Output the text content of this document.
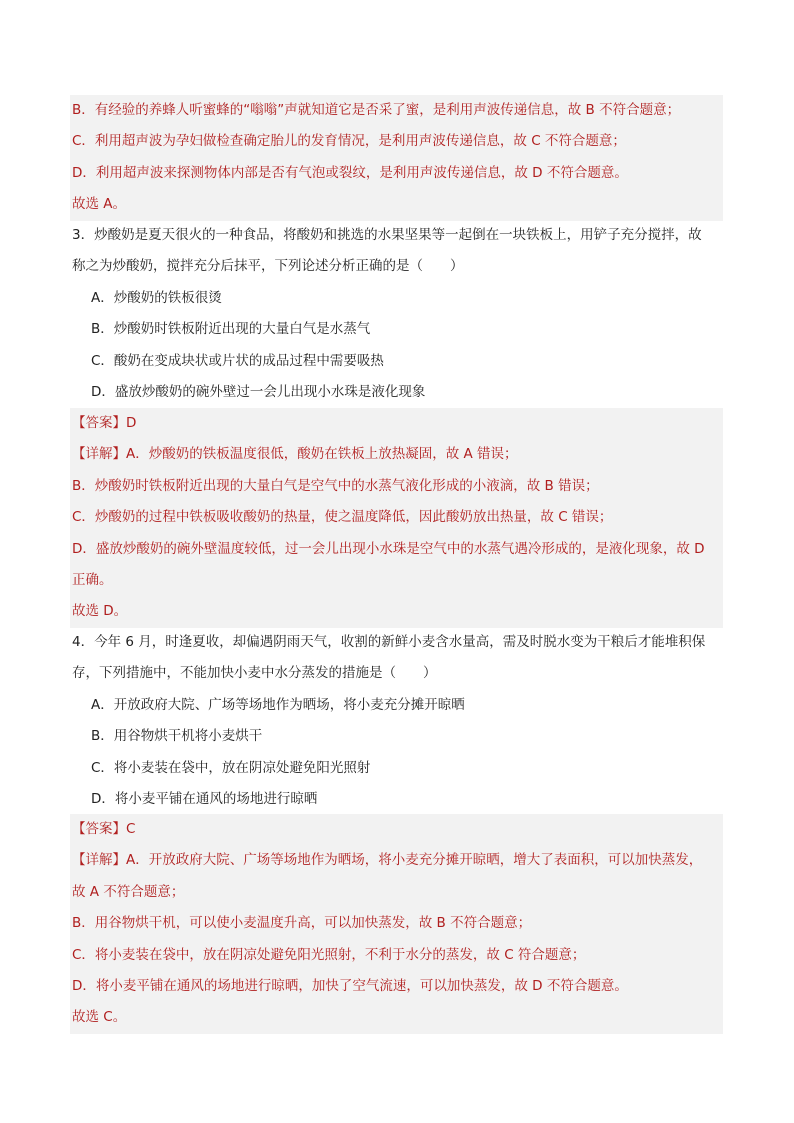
B．有经验的养蜂人听蜜蜂的“嗡嗡”声就知道它是否采了蜜，是利用声波传递信息，故 B 不符合题意；
C．利用超声波为孕妇做检查确定胎儿的发育情况，是利用声波传递信息，故 C 不符合题意；
D．利用超声波来探测物体内部是否有气泡或裂纹，是利用声波传递信息，故 D 不符合题意。
故选 A。
3．炒酸奶是夏天很火的一种食品，将酸奶和挑选的水果坚果等一起倒在一块铁板上，用铲子充分搅拌，故
称之为炒酸奶，搅拌充分后抹平，下列论述分析正确的是（　　）
A．炒酸奶的铁板很烫
B．炒酸奶时铁板附近出现的大量白气是水蒸气
C．酸奶在变成块状或片状的成品过程中需要吸热
D．盛放炒酸奶的碗外壁过一会儿出现小水珠是液化现象
【答案】D
【详解】A．炒酸奶的铁板温度很低，酸奶在铁板上放热凝固，故 A 错误；
B．炒酸奶时铁板附近出现的大量白气是空气中的水蒸气液化形成的小液滴，故 B 错误；
C．炒酸奶的过程中铁板吸收酸奶的热量，使之温度降低，因此酸奶放出热量，故 C 错误；
D．盛放炒酸奶的碗外壁温度较低，过一会儿出现小水珠是空气中的水蒸气遇冷形成的，是液化现象，故 D
正确。
故选 D。
4．今年 6 月，时逢夏收，却偏遇阴雨天气，收割的新鲜小麦含水量高，需及时脱水变为干粮后才能堆积保
存，下列措施中，不能加快小麦中水分蒸发的措施是（　　）
A．开放政府大院、广场等场地作为晒场，将小麦充分摊开晾晒
B．用谷物烘干机将小麦烘干
C．将小麦装在袋中，放在阴凉处避免阳光照射
D．将小麦平铺在通风的场地进行晾晒
【答案】C
【详解】A．开放政府大院、广场等场地作为晒场，将小麦充分摊开晾晒，增大了表面积，可以加快蒸发，
故 A 不符合题意；
B．用谷物烘干机，可以使小麦温度升高，可以加快蒸发，故 B 不符合题意；
C．将小麦装在袋中，放在阴凉处避免阳光照射，不利于水分的蒸发，故 C 符合题意；
D．将小麦平铺在通风的场地进行晾晒，加快了空气流速，可以加快蒸发，故 D 不符合题意。
故选 C。
